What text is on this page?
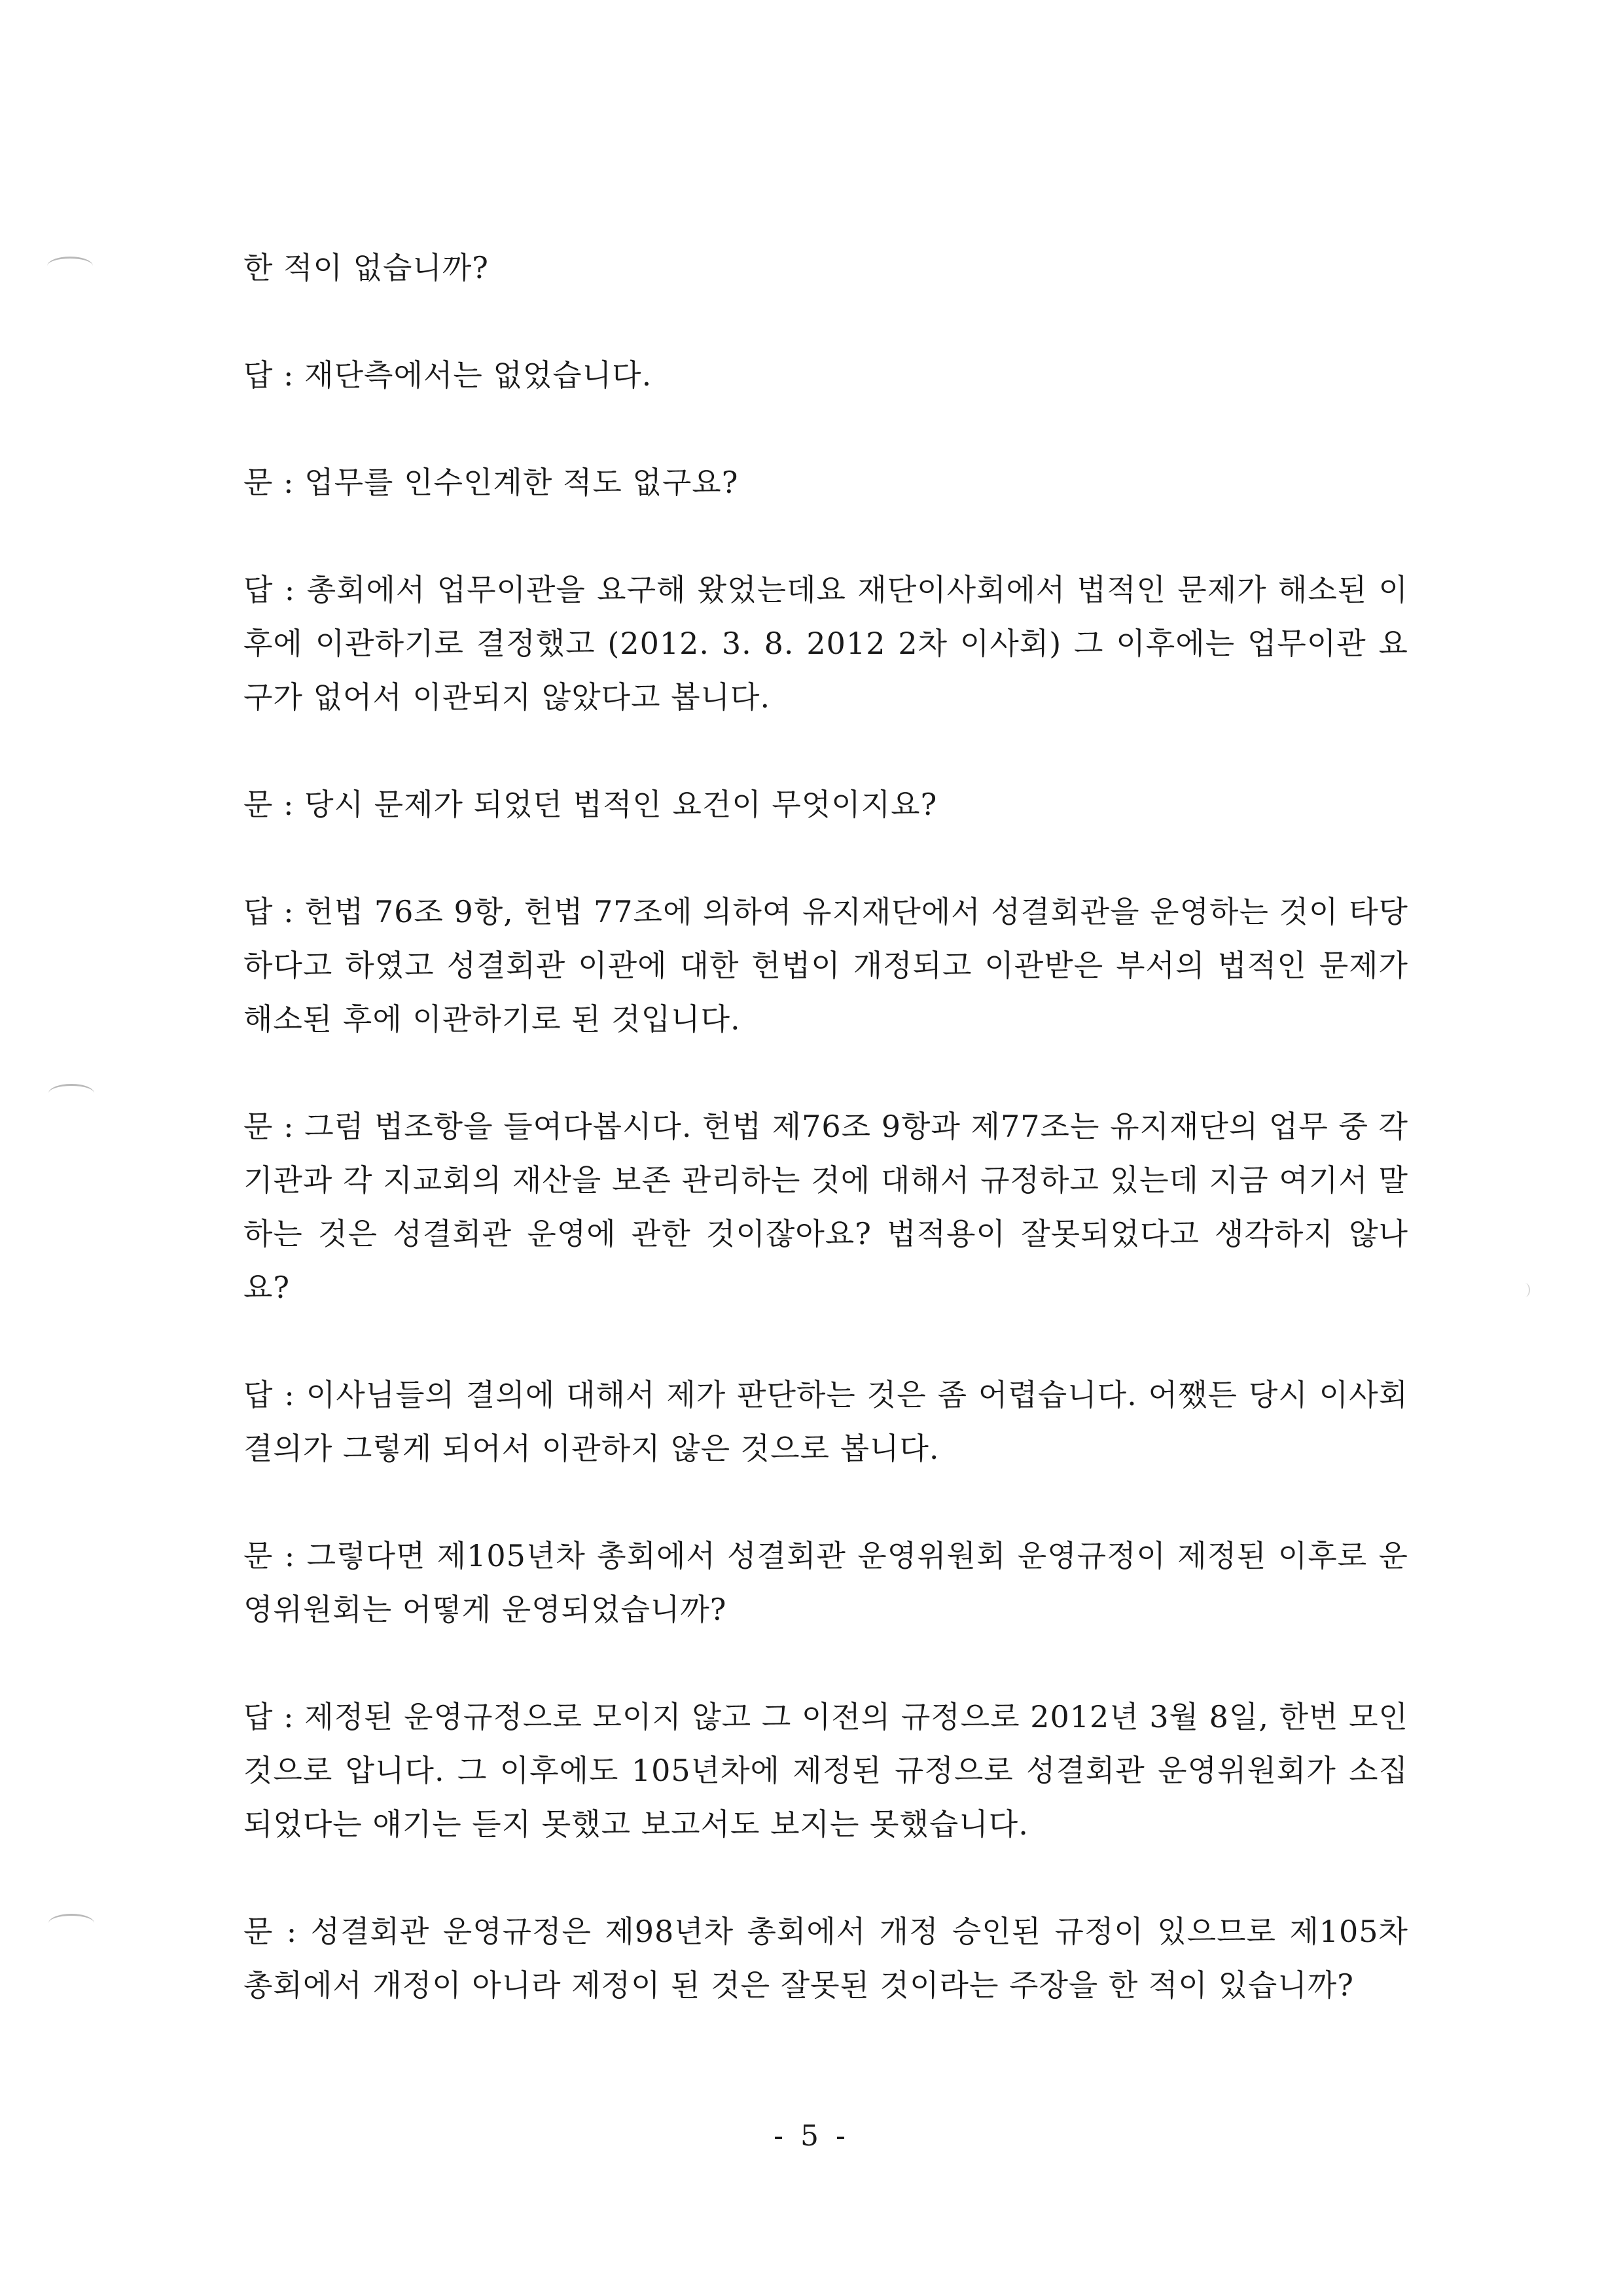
한 적이 없습니까?

답 : 재단측에서는 없었습니다.

문 : 업무를 인수인계한 적도 없구요?

답 : 총회에서 업무이관을 요구해 왔었는데요 재단이사회에서 법적인 문제가 해소된 이후에 이관하기로 결정했고 (2012. 3. 8. 2012 2차 이사회) 그 이후에는 업무이관 요구가 없어서 이관되지 않았다고 봅니다.

문 : 당시 문제가 되었던 법적인 요건이 무엇이지요?

답 : 헌법 76조 9항, 헌법 77조에 의하여 유지재단에서 성결회관을 운영하는 것이 타당하다고 하였고 성결회관 이관에 대한 헌법이 개정되고 이관받은 부서의 법적인 문제가 해소된 후에 이관하기로 된 것입니다.

문 : 그럼 법조항을 들여다봅시다. 헌법 제76조 9항과 제77조는 유지재단의 업무 중 각 기관과 각 지교회의 재산을 보존 관리하는 것에 대해서 규정하고 있는데 지금 여기서 말하는 것은 성결회관 운영에 관한 것이잖아요? 법적용이 잘못되었다고 생각하지 않나요?

답 : 이사님들의 결의에 대해서 제가 판단하는 것은 좀 어렵습니다. 어쨌든 당시 이사회 결의가 그렇게 되어서 이관하지 않은 것으로 봅니다.

문 : 그렇다면 제105년차 총회에서 성결회관 운영위원회 운영규정이 제정된 이후로 운영위원회는 어떻게 운영되었습니까?

답 : 제정된 운영규정으로 모이지 않고 그 이전의 규정으로 2012년 3월 8일, 한번 모인 것으로 압니다. 그 이후에도 105년차에 제정된 규정으로 성결회관 운영위원회가 소집되었다는 얘기는 듣지 못했고 보고서도 보지는 못했습니다.

문 : 성결회관 운영규정은 제98년차 총회에서 개정 승인된 규정이 있으므로 제105차 총회에서 개정이 아니라 제정이 된 것은 잘못된 것이라는 주장을 한 적이 있습니까?

- 5 -
